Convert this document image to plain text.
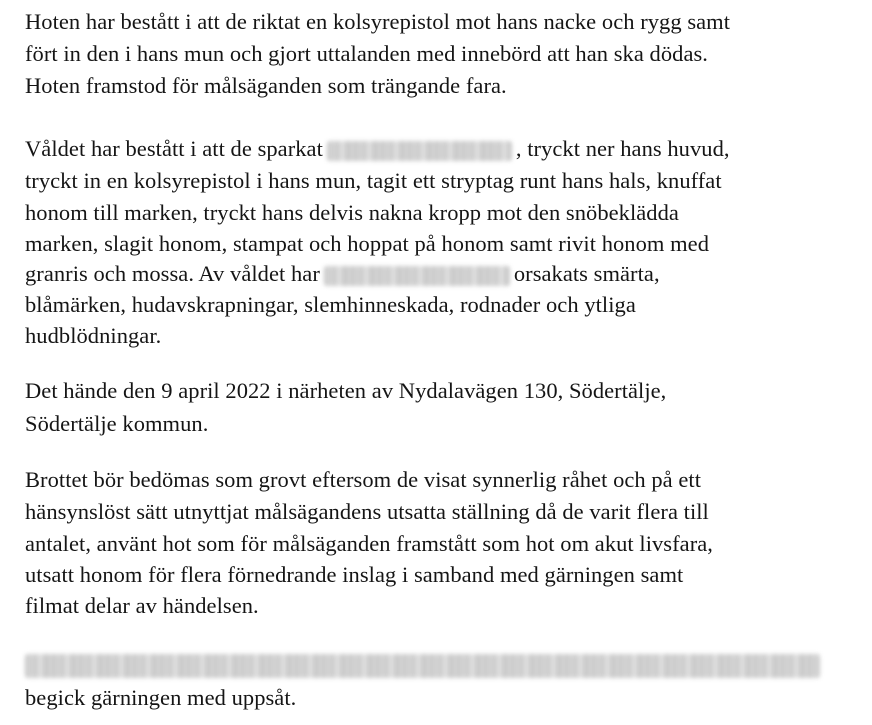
Hoten har bestått i att de riktat en kolsyrepistol mot hans nacke och rygg samt
fört in den i hans mun och gjort uttalanden med innebörd att han ska dödas.
Hoten framstod för målsäganden som trängande fara.
Våldet har bestått i att de sparkat	, tryckt ner hans huvud,
tryckt in en kolsyrepistol i hans mun, tagit ett stryptag runt hans hals, knuffat
honom till marken, tryckt hans delvis nakna kropp mot den snöbeklädda
marken, slagit honom, stampat och hoppat på honom samt rivit honom med
granris och mossa. Av våldet har	orsakats smärta,
blåmärken, hudavskrapningar, slemhinneskada, rodnader och ytliga
hudblödningar.
Det hände den 9 april 2022 i närheten av Nydalavägen 130, Södertälje,
Södertälje kommun.
Brottet bör bedömas som grovt eftersom de visat synnerlig råhet och på ett
hänsynslöst sätt utnyttjat målsägandens utsatta ställning då de varit flera till
antalet, använt hot som för målsäganden framstått som hot om akut livsfara,
utsatt honom för flera förnedrande inslag i samband med gärningen samt
filmat delar av händelsen.
begick gärningen med uppsåt.
